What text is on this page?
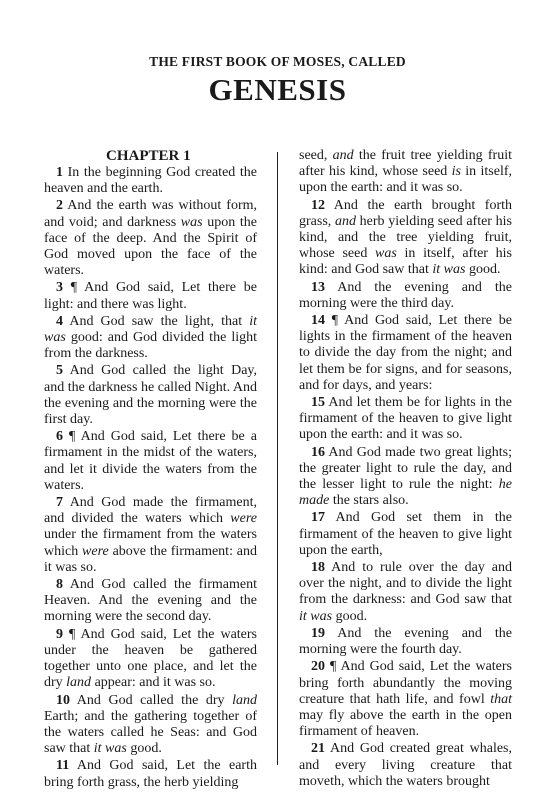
THE FIRST BOOK OF MOSES, CALLED
GENESIS
CHAPTER 1

1 In the beginning God created the heaven and the earth.

2 And the earth was without form, and void; and darkness was upon the face of the deep. And the Spirit of God moved upon the face of the waters.

3 ¶ And God said, Let there be light: and there was light.

4 And God saw the light, that it was good: and God divided the light from the darkness.

5 And God called the light Day, and the darkness he called Night. And the evening and the morning were the first day.

6 ¶ And God said, Let there be a firmament in the midst of the waters, and let it divide the waters from the waters.

7 And God made the firmament, and divided the waters which were under the firmament from the waters which were above the firmament: and it was so.

8 And God called the firmament Heaven. And the evening and the morning were the second day.

9 ¶ And God said, Let the waters under the heaven be gathered together unto one place, and let the dry land appear: and it was so.

10 And God called the dry land Earth; and the gathering together of the waters called he Seas: and God saw that it was good.

11 And God said, Let the earth bring forth grass, the herb yielding

seed, and the fruit tree yielding fruit after his kind, whose seed is in itself, upon the earth: and it was so.

12 And the earth brought forth grass, and herb yielding seed after his kind, and the tree yielding fruit, whose seed was in itself, after his kind: and God saw that it was good.

13 And the evening and the morning were the third day.

14 ¶ And God said, Let there be lights in the firmament of the heaven to divide the day from the night; and let them be for signs, and for seasons, and for days, and years:

15 And let them be for lights in the firmament of the heaven to give light upon the earth: and it was so.

16 And God made two great lights; the greater light to rule the day, and the lesser light to rule the night: he made the stars also.

17 And God set them in the firmament of the heaven to give light upon the earth,

18 And to rule over the day and over the night, and to divide the light from the darkness: and God saw that it was good.

19 And the evening and the morning were the fourth day.

20 ¶ And God said, Let the waters bring forth abundantly the moving creature that hath life, and fowl that may fly above the earth in the open firmament of heaven.

21 And God created great whales, and every living creature that moveth, which the waters brought
